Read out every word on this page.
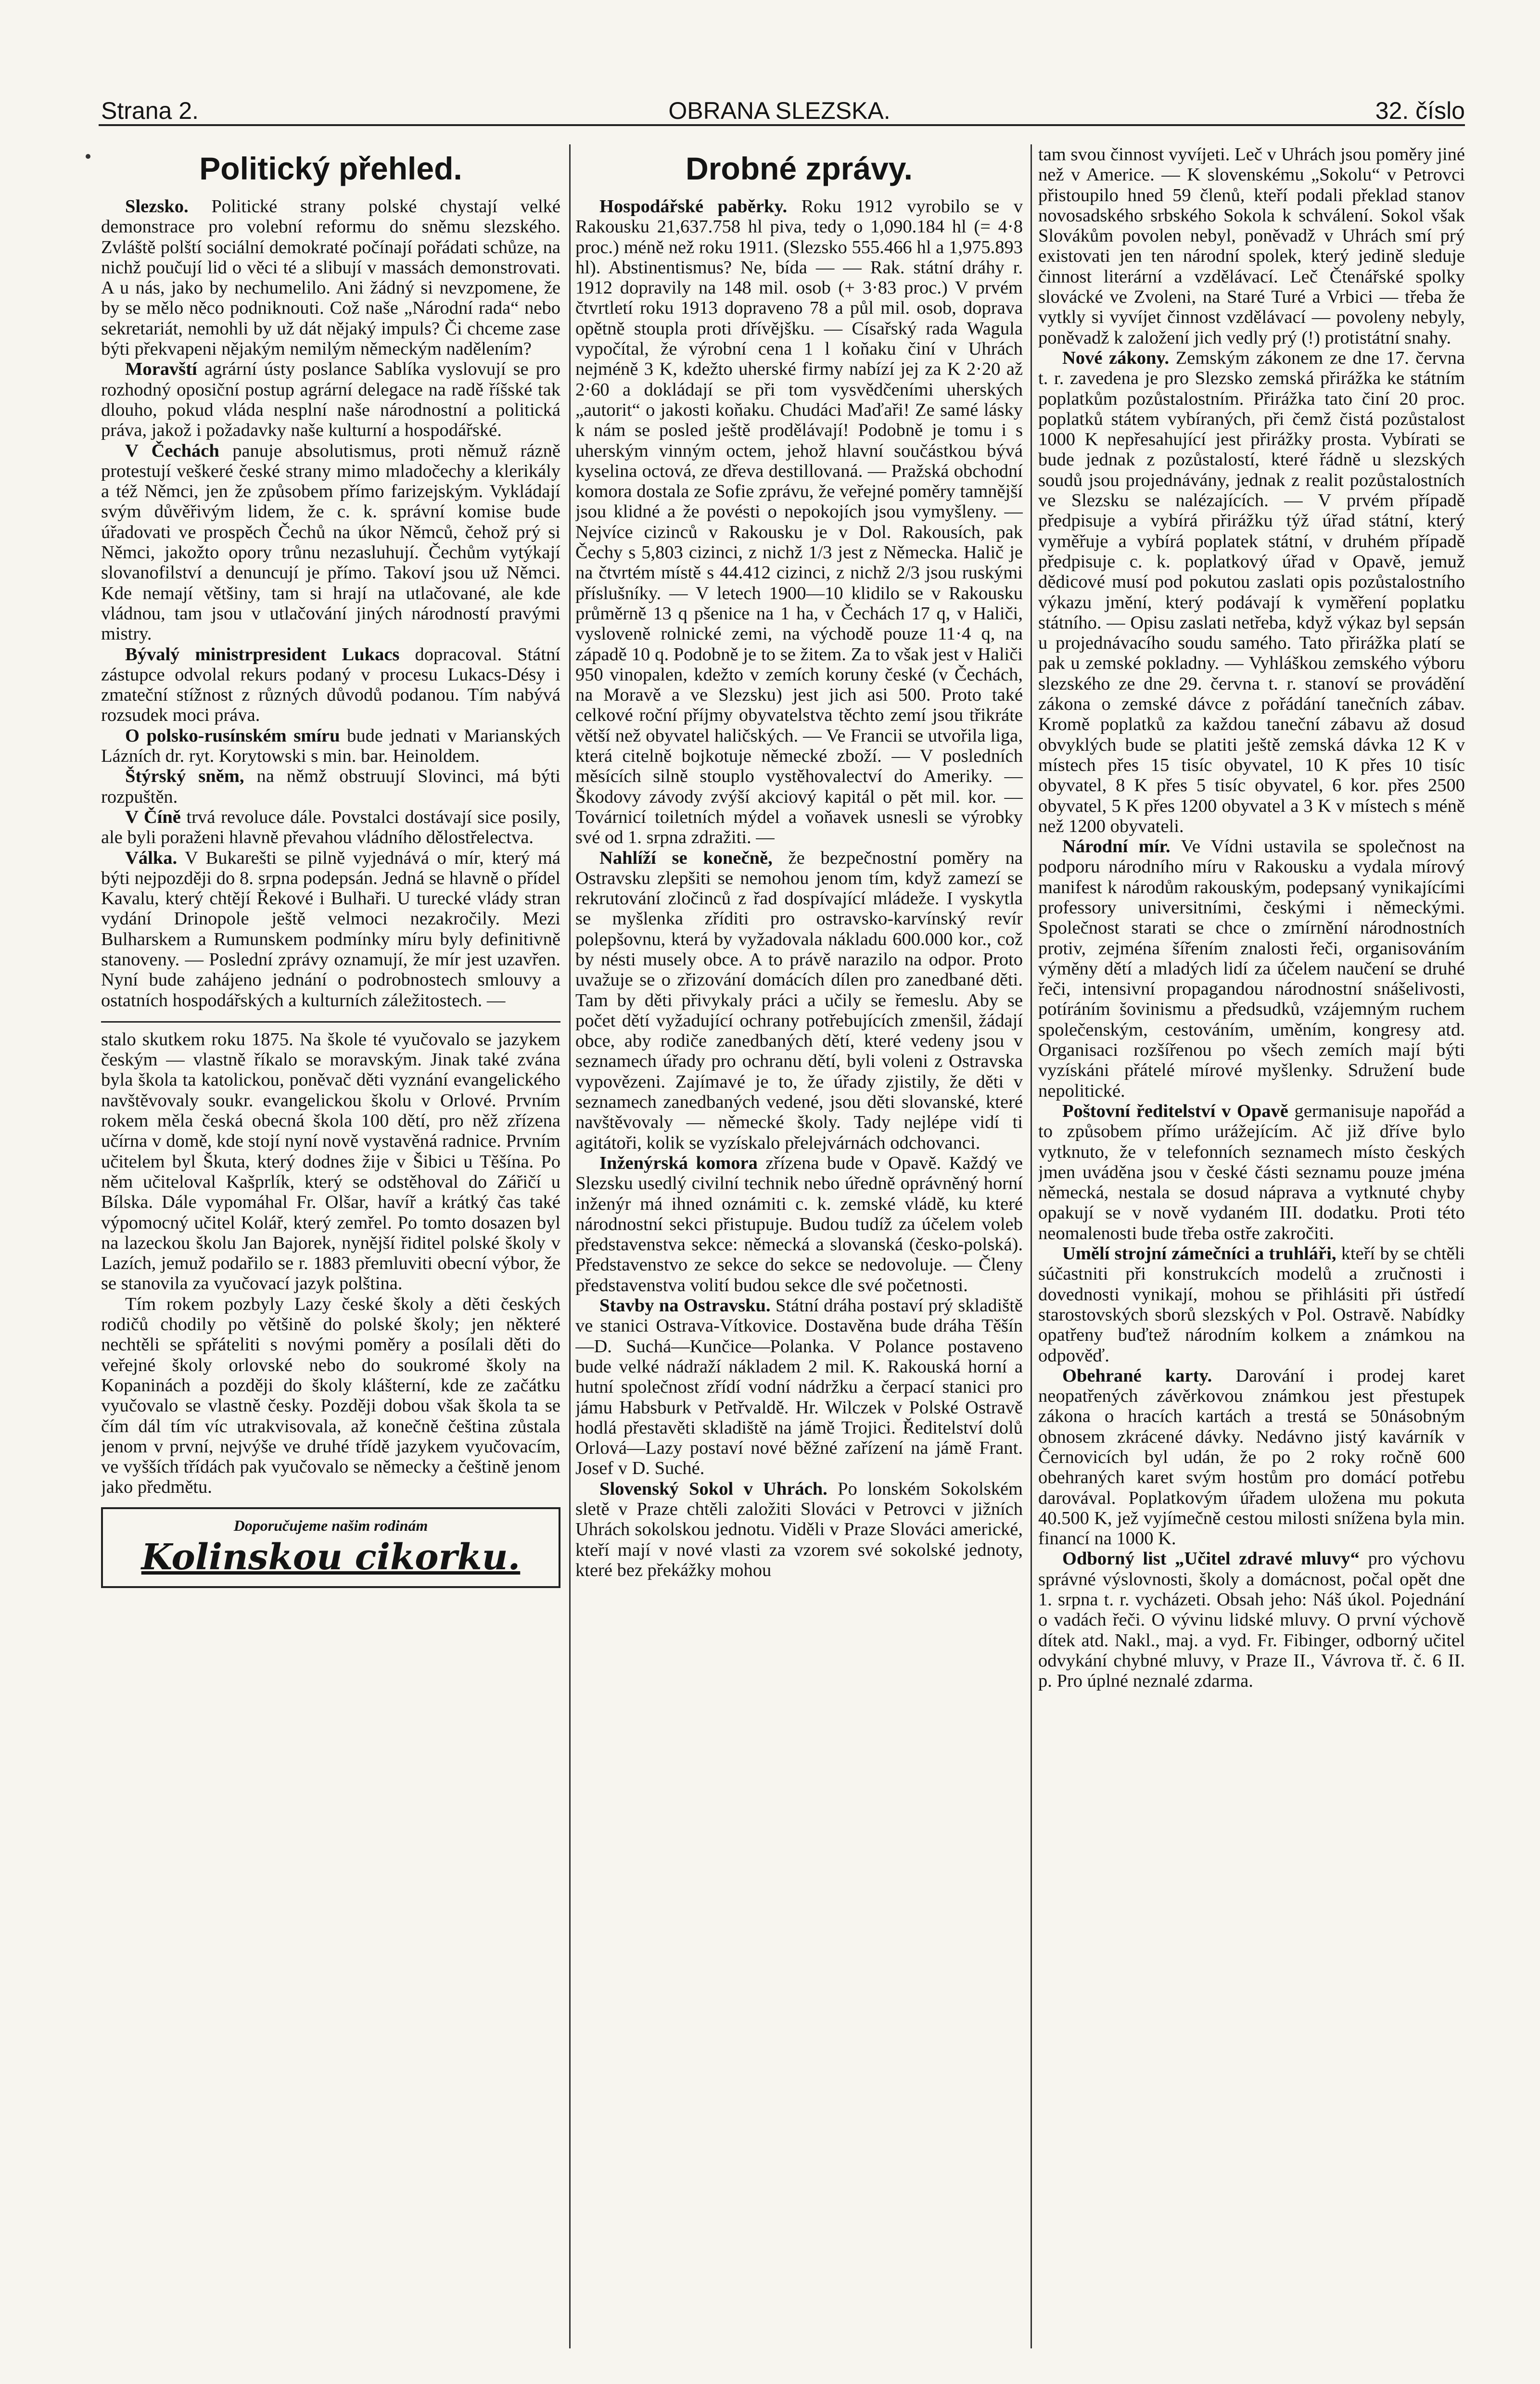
Strana 2.	OBRANA SLEZSKA.	32. číslo
Politický přehled.

Slezsko. Politické strany polské chystají velké demonstrace pro volební reformu do sněmu slezského. Zvláště polští sociální demokraté počínají pořádati schůze, na nichž poučují lid o věci té a slibují v massách demonstrovati. A u nás, jako by nechumelilo. Ani žádný si nevzpomene, že by se mělo něco podniknouti. Což naše „Národní rada“ nebo sekretariát, nemohli by už dát nějaký impuls? Či chceme zase býti překvapeni nějakým nemilým německým nadělením?

Moravští agrární ústy poslance Sablíka vyslovují se pro rozhodný oposiční postup agrární delegace na radě říšské tak dlouho, pokud vláda nesplní naše národnostní a politická práva, jakož i požadavky naše kulturní a hospodářské.

V Čechách panuje absolutismus, proti němuž rázně protestují veškeré české strany mimo mladočechy a klerikály a též Němci, jen že způsobem přímo farizejským. Vykládají svým důvěřivým lidem, že c. k. správní komise bude úřadovati ve prospěch Čechů na úkor Němců, čehož prý si Němci, jakožto opory trůnu nezasluhují. Čechům vytýkají slovanofilství a denuncují je přímo. Takoví jsou už Němci. Kde nemají většiny, tam si hrají na utlačované, ale kde vládnou, tam jsou v utlačování jiných národností pravými mistry.

Bývalý ministrpresident Lukacs dopracoval. Státní zástupce odvolal rekurs podaný v procesu Lukacs-Désy i zmateční stížnost z různých důvodů podanou. Tím nabývá rozsudek moci práva.

O polsko-rusínském smíru bude jednati v Marianských Lázních dr. ryt. Korytowski s min. bar. Heinoldem.

Štýrský sněm, na němž obstruují Slovinci, má býti rozpuštěn.

V Číně trvá revoluce dále. Povstalci dostávají sice posily, ale byli poraženi hlavně převahou vládního dělostřelectva.

Válka. V Bukarešti se pilně vyjednává o mír, který má býti nejpozději do 8. srpna podepsán. Jedná se hlavně o přídel Kavalu, který chtějí Řekové i Bulhaři. U turecké vlády stran vydání Drinopole ještě velmoci nezakročily. Mezi Bulharskem a Rumunskem podmínky míru byly definitivně stanoveny. — Poslední zprávy oznamují, že mír jest uzavřen. Nyní bude zahájeno jednání o podrobnostech smlouvy a ostatních hospodářských a kulturních záležitostech. —

stalo skutkem roku 1875. Na škole té vyučovalo se jazykem českým — vlastně říkalo se moravským. Jinak také zvána byla škola ta katolickou, poněvač děti vyznání evangelického navštěvovaly soukr. evangelickou školu v Orlové. Prvním rokem měla česká obecná škola 100 dětí, pro něž zřízena učírna v domě, kde stojí nyní nově vystavěná radnice. Prvním učitelem byl Škuta, který dodnes žije v Šibici u Těšína. Po něm učiteloval Kašprlík, který se odstěhoval do Zářičí u Bílska. Dále vypomáhal Fr. Olšar, havíř a krátký čas také výpomocný učitel Kolář, který zemřel. Po tomto dosazen byl na lazeckou školu Jan Bajorek, nynější řiditel polské školy v Lazích, jemuž podařilo se r. 1883 přemluviti obecní výbor, že se stanovila za vyučovací jazyk polština.

Tím rokem pozbyly Lazy české školy a děti českých rodičů chodily po většině do polské školy; jen některé nechtěli se spřáteliti s novými poměry a posílali děti do veřejné školy orlovské nebo do soukromé školy na Kopaninách a později do školy klášterní, kde ze začátku vyučovalo se vlastně česky. Později dobou však škola ta se čím dál tím víc utrakvisovala, až konečně čeština zůstala jenom v první, nejvýše ve druhé třídě jazykem vyučovacím, ve vyšších třídách pak vyučovalo se německy a češtině jenom jako předmětu.

Doporučujeme našim rodinám
Kolinskou cikorku.
Drobné zprávy.

Hospodářské paběrky. Roku 1912 vyrobilo se v Rakousku 21,637.758 hl piva, tedy o 1,090.184 hl (= 4·8 proc.) méně než roku 1911. (Slezsko 555.466 hl a 1,975.893 hl). Abstinentismus? Ne, bída — — Rak. státní dráhy r. 1912 dopravily na 148 mil. osob (+ 3·83 proc.) V prvém čtvrtletí roku 1913 dopraveno 78 a půl mil. osob, doprava opětně stoupla proti dřívějšku. — Císařský rada Wagula vypočítal, že výrobní cena 1 l koňaku činí v Uhrách nejméně 3 K, kdežto uherské firmy nabízí jej za K 2·20 až 2·60 a dokládají se při tom vysvědčeními uherských „autorit“ o jakosti koňaku. Chudáci Maďaři! Ze samé lásky k nám se posled ještě prodělávají! Podobně je tomu i s uherským vinným octem, jehož hlavní součástkou bývá kyselina octová, ze dřeva destillovaná. — Pražská obchodní komora dostala ze Sofie zprávu, že veřejné poměry tamnější jsou klidné a že povésti o nepokojích jsou vymyšleny. — Nejvíce cizinců v Rakousku je v Dol. Rakousích, pak Čechy s 5,803 cizinci, z nichž 1/3 jest z Německa. Halič je na čtvrtém místě s 44.412 cizinci, z nichž 2/3 jsou ruskými příslušníky. — V letech 1900—10 klidilo se v Rakousku průměrně 13 q pšenice na 1 ha, v Čechách 17 q, v Haliči, vysloveně rolnické zemi, na východě pouze 11·4 q, na západě 10 q. Podobně je to se žitem. Za to však jest v Haliči 950 vinopalen, kdežto v zemích koruny české (v Čechách, na Moravě a ve Slezsku) jest jich asi 500. Proto také celkové roční příjmy obyvatelstva těchto zemí jsou třikráte větší než obyvatel haličských. — Ve Francii se utvořila liga, která citelně bojkotuje německé zboží. — V posledních měsících silně stouplo vystěhovalectví do Ameriky. — Škodovy závody zvýší akciový kapitál o pět mil. kor. — Továrnicí toiletních mýdel a voňavek usnesli se výrobky své od 1. srpna zdražiti. —

Nahlíží se konečně, že bezpečnostní poměry na Ostravsku zlepšiti se nemohou jenom tím, když zamezí se rekrutování zločinců z řad dospívající mládeže. I vyskytla se myšlenka zříditi pro ostravsko-karvínský revír polepšovnu, která by vyžadovala nákladu 600.000 kor., což by nésti musely obce. A to právě narazilo na odpor. Proto uvažuje se o zřizování domácích dílen pro zanedbané děti. Tam by děti přivykaly práci a učily se řemeslu. Aby se počet dětí vyžadující ochrany potřebujících zmenšil, žádají obce, aby rodiče zanedbaných dětí, které vedeny jsou v seznamech úřady pro ochranu dětí, byli voleni z Ostravska vypovězeni. Zajímavé je to, že úřady zjistily, že děti v seznamech zanedbaných vedené, jsou děti slovanské, které navštěvovaly — německé školy. Tady nejlépe vidí ti agitátoři, kolik se vyzískalo přelejvárnách odchovanci.

Inženýrská komora zřízena bude v Opavě. Každý ve Slezsku usedlý civilní technik nebo úředně oprávněný horní inženýr má ihned oznámiti c. k. zemské vládě, ku které národnostní sekci přistupuje. Budou tudíž za účelem voleb představenstva sekce: německá a slovanská (česko-polská). Představenstvo ze sekce do sekce se nedovoluje. — Členy představenstva volití budou sekce dle své početnosti.

Stavby na Ostravsku. Státní dráha postaví prý skladiště ve stanici Ostrava-Vítkovice. Dostavěna bude dráha Těšín—D. Suchá—Kunčice—Polanka. V Polance postaveno bude velké nádraží nákladem 2 mil. K. Rakouská horní a hutní společnost zřídí vodní nádržku a čerpací stanici pro jámu Habsburk v Petřvaldě. Hr. Wilczek v Polské Ostravě hodlá přestavěti skladiště na jámě Trojici. Ředitelství dolů Orlová—Lazy postaví nové běžné zařízení na jámě Frant. Josef v D. Suché.

Slovenský Sokol v Uhrách. Po lonském Sokolském sletě v Praze chtěli založiti Slováci v Petrovci v jižních Uhrách sokolskou jednotu. Viděli v Praze Slováci americké, kteří mají v nové vlasti za vzorem své sokolské jednoty, které bez překážky mohou

tam svou činnost vyvíjeti. Leč v Uhrách jsou poměry jiné než v Americe. — K slovenskému „Sokolu“ v Petrovci přistoupilo hned 59 členů, kteří podali překlad stanov novosadského srbského Sokola k schválení. Sokol však Slovákům povolen nebyl, poněvadž v Uhrách smí prý existovati jen ten národní spolek, který jedině sleduje činnost literární a vzdělávací. Leč Čtenářské spolky slovácké ve Zvoleni, na Staré Turé a Vrbici — třeba že vytkly si vyvíjet činnost vzdělávací — povoleny nebyly, poněvadž k založení jich vedly prý (!) protistátní snahy.

Nové zákony. Zemským zákonem ze dne 17. června t. r. zavedena je pro Slezsko zemská přirážka ke státním poplatkům pozůstalostním. Přirážka tato činí 20 proc. poplatků státem vybíraných, při čemž čistá pozůstalost 1000 K nepřesahující jest přirážky prosta. Vybírati se bude jednak z pozůstalostí, které řádně u slezských soudů jsou projednávány, jednak z realit pozůstalostních ve Slezsku se nalézajících. — V prvém případě předpisuje a vybírá přirážku týž úřad státní, který vyměřuje a vybírá poplatek státní, v druhém případě předpisuje c. k. poplatkový úřad v Opavě, jemuž dědicové musí pod pokutou zaslati opis pozůstalostního výkazu jmění, který podávají k vyměření poplatku státního. — Opisu zaslati netřeba, když výkaz byl sepsán u projednávacího soudu samého. Tato přirážka platí se pak u zemské pokladny. — Vyhláškou zemského výboru slezského ze dne 29. června t. r. stanoví se provádění zákona o zemské dávce z pořádání tanečních zábav. Kromě poplatků za každou taneční zábavu až dosud obvyklých bude se platiti ještě zemská dávka 12 K v místech přes 15 tisíc obyvatel, 10 K přes 10 tisíc obyvatel, 8 K přes 5 tisíc obyvatel, 6 kor. přes 2500 obyvatel, 5 K přes 1200 obyvatel a 3 K v místech s méně než 1200 obyvateli.

Národní mír. Ve Vídni ustavila se společnost na podporu národního míru v Rakousku a vydala mírový manifest k národům rakouským, podepsaný vynikajícími professory universitními, českými i německými. Společnost starati se chce o zmírnění národnostních protiv, zejména šířením znalosti řeči, organisováním výměny dětí a mladých lidí za účelem naučení se druhé řeči, intensivní propagandou národnostní snášelivosti, potíráním šovinismu a předsudků, vzájemným ruchem společenským, cestováním, uměním, kongresy atd. Organisaci rozšířenou po všech zemích mají býti vyzískáni přátelé mírové myšlenky. Sdružení bude nepolitické.

Poštovní ředitelství v Opavě germanisuje napořád a to způsobem přímo urážejícím. Ač již dříve bylo vytknuto, že v telefonních seznamech místo českých jmen uváděna jsou v české části seznamu pouze jména německá, nestala se dosud náprava a vytknuté chyby opakují se v nově vydaném III. dodatku. Proti této neomalenosti bude třeba ostře zakročiti.

Umělí strojní zámečníci a truhláři, kteří by se chtěli súčastniti při konstrukcích modelů a zručnosti i dovednosti vynikají, mohou se přihlásiti při ústředí starostovských sborů slezských v Pol. Ostravě. Nabídky opatřeny buďtež národním kolkem a známkou na odpověď.

Obehrané karty. Darování i prodej karet neopatřených závěrkovou známkou jest přestupek zákona o hracích kartách a trestá se 50násobným obnosem zkrácené dávky. Nedávno jistý kavárník v Černovicích byl udán, že po 2 roky ročně 600 obehraných karet svým hostům pro domácí potřebu darovával. Poplatkovým úřadem uložena mu pokuta 40.500 K, jež vyjímečně cestou milosti snížena byla min. financí na 1000 K.

Odborný list „Učitel zdravé mluvy“ pro výchovu správné výslovnosti, školy a domácnost, počal opět dne 1. srpna t. r. vycházeti. Obsah jeho: Náš úkol. Pojednání o vadách řeči. O vývinu lidské mluvy. O první výchově dítek atd. Nakl., maj. a vyd. Fr. Fibinger, odborný učitel odvykání chybné mluvy, v Praze II., Vávrova tř. č. 6 II. p. Pro úplné neznalé zdarma.
